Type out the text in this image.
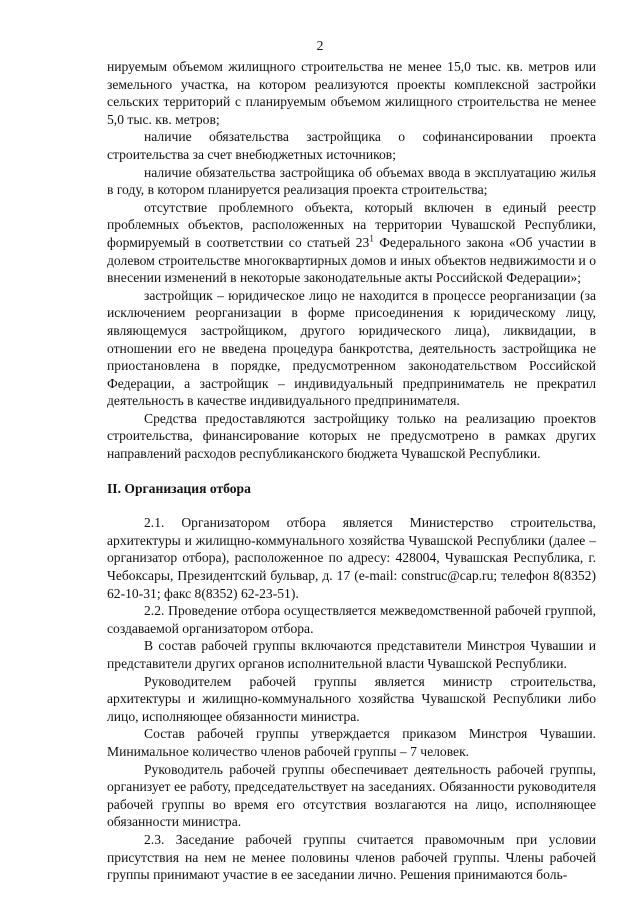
2

нируемым объемом жилищного строительства не менее 15,0 тыс. кв. метров или земельного участка, на котором реализуются проекты комплексной застройки сельских территорий с планируемым объемом жилищного строительства не менее 5,0 тыс. кв. метров;

наличие обязательства застройщика о софинансировании проекта строительства за счет внебюджетных источников;

наличие обязательства застройщика об объемах ввода в эксплуатацию жилья в году, в котором планируется реализация проекта строительства;

отсутствие проблемного объекта, который включен в единый реестр проблемных объектов, расположенных на территории Чувашской Республики, формируемый в соответствии со статьей $23^1$ Федерального закона «Об участии в долевом строительстве многоквартирных домов и иных объектов недвижимости и о внесении изменений в некоторые законодательные акты Российской Федерации»;

застройщик – юридическое лицо не находится в процессе реорганизации (за исключением реорганизации в форме присоединения к юридическому лицу, являющемуся застройщиком, другого юридического лица), ликвидации, в отношении его не введена процедура банкротства, деятельность застройщика не приостановлена в порядке, предусмотренном законодательством Российской Федерации, а застройщик – индивидуальный предприниматель не прекратил деятельность в качестве индивидуального предпринимателя.

Средства предоставляются застройщику только на реализацию проектов строительства, финансирование которых не предусмотрено в рамках других направлений расходов республиканского бюджета Чувашской Республики.

II. Организация отбора

2.1. Организатором отбора является Министерство строительства, архитектуры и жилищно-коммунального хозяйства Чувашской Республики (далее – организатор отбора), расположенное по адресу: 428004, Чувашская Республика, г. Чебоксары, Президентский бульвар, д. 17 (e-mail: construc@cap.ru; телефон 8(8352) 62-10-31; факс 8(8352) 62-23-51).

2.2. Проведение отбора осуществляется межведомственной рабочей группой, создаваемой организатором отбора.

В состав рабочей группы включаются представители Минстроя Чувашии и представители других органов исполнительной власти Чувашской Республики.

Руководителем рабочей группы является министр строительства, архитектуры и жилищно-коммунального хозяйства Чувашской Республики либо лицо, исполняющее обязанности министра.

Состав рабочей группы утверждается приказом Минстроя Чувашии. Минимальное количество членов рабочей группы – 7 человек.

Руководитель рабочей группы обеспечивает деятельность рабочей группы, организует ее работу, председательствует на заседаниях. Обязанности руководителя рабочей группы во время его отсутствия возлагаются на лицо, исполняющее обязанности министра.

2.3. Заседание рабочей группы считается правомочным при условии присутствия на нем не менее половины членов рабочей группы. Члены рабочей группы принимают участие в ее заседании лично. Решения принимаются боль-
